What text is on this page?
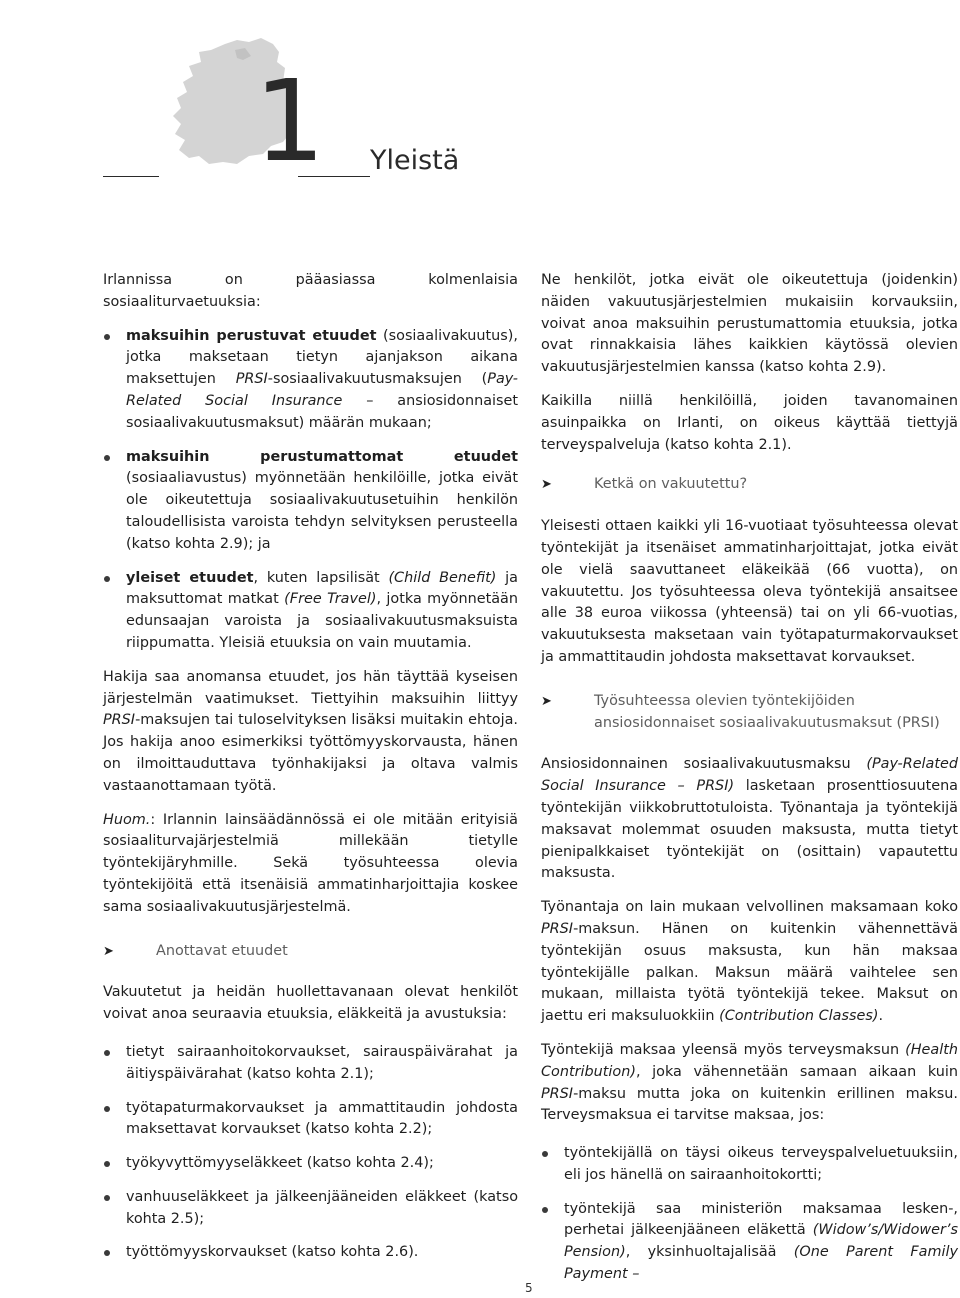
1 Yleistä

Irlannissa on pääasiassa kolmenlaisia sosiaaliturvaetuuksia:

maksuihin perustuvat etuudet (sosiaalivakuutus), jotka maksetaan tietyn ajanjakson aikana maksettujen PRSI-sosiaalivakuutusmaksujen (Pay-Related Social Insurance – ansiosidonnaiset sosiaalivakuutusmaksut) määrän mukaan;
maksuihin perustumattomat etuudet (sosiaaliavustus) myönnetään henkilöille, jotka eivät ole oikeutettuja sosiaalivakuutusetuihin henkilön taloudellisista varoista tehdyn selvityksen perusteella (katso kohta 2.9); ja
yleiset etuudet, kuten lapsilisät (Child Benefit) ja maksuttomat matkat (Free Travel), jotka myönnetään edunsaajan varoista ja sosiaalivakuutusmaksuista riippumatta. Yleisiä etuuksia on vain muutamia.

Hakija saa anomansa etuudet, jos hän täyttää kyseisen järjestelmän vaatimukset. Tiettyihin maksuihin liittyy PRSI-maksujen tai tuloselvityksen lisäksi muitakin ehtoja. Jos hakija anoo esimerkiksi työttömyyskorvausta, hänen on ilmoittauduttava työnhakijaksi ja oltava valmis vastaanottamaan työtä.

Huom.: Irlannin lainsäädännössä ei ole mitään erityisiä sosiaaliturvajärjestelmiä millekään tietylle työntekijäryhmille. Sekä työsuhteessa olevia työntekijöitä että itsenäisiä ammatinharjoittajia koskee sama sosiaalivakuutusjärjestelmä.

➤	Anottavat etuudet

Vakuutetut ja heidän huollettavanaan olevat henkilöt voivat anoa seuraavia etuuksia, eläkkeitä ja avustuksia:

tietyt sairaanhoitokorvaukset, sairauspäivärahat ja äitiyspäivärahat (katso kohta 2.1);
työtapaturmakorvaukset ja ammattitaudin johdosta maksettavat korvaukset (katso kohta 2.2);
työkyvyttömyyseläkkeet (katso kohta 2.4);
vanhuuseläkkeet ja jälkeenjääneiden eläkkeet (katso kohta 2.5);
työttömyyskorvaukset (katso kohta 2.6).

Ne henkilöt, jotka eivät ole oikeutettuja (joidenkin) näiden vakuutusjärjestelmien mukaisiin korvauksiin, voivat anoa maksuihin perustumattomia etuuksia, jotka ovat rinnakkaisia lähes kaikkien käytössä olevien vakuutusjärjestelmien kanssa (katso kohta 2.9).

Kaikilla niillä henkilöillä, joiden tavanomainen asuinpaikka on Irlanti, on oikeus käyttää tiettyjä terveyspalveluja (katso kohta 2.1).

➤	Ketkä on vakuutettu?

Yleisesti ottaen kaikki yli 16-vuotiaat työsuhteessa olevat työntekijät ja itsenäiset ammatinharjoittajat, jotka eivät ole vielä saavuttaneet eläkeikää (66 vuotta), on vakuutettu. Jos työsuhteessa oleva työntekijä ansaitsee alle 38 euroa viikossa (yhteensä) tai on yli 66-vuotias, vakuutuksesta maksetaan vain työtapaturmakorvaukset ja ammattitaudin johdosta maksettavat korvaukset.

➤	Työsuhteessa olevien työntekijöiden
ansiosidonnaiset sosiaalivakuutusmaksut (PRSI)

Ansiosidonnainen sosiaalivakuutusmaksu (Pay-Related Social Insurance – PRSI) lasketaan prosenttiosuutena työntekijän viikkobruttotuloista. Työnantaja ja työntekijä maksavat molemmat osuuden maksusta, mutta tietyt pienipalkkaiset työntekijät on (osittain) vapautettu maksusta.

Työnantaja on lain mukaan velvollinen maksamaan koko PRSI-maksun. Hänen on kuitenkin vähennettävä työntekijän osuus maksusta, kun hän maksaa työntekijälle palkan. Maksun määrä vaihtelee sen mukaan, millaista työtä työntekijä tekee. Maksut on jaettu eri maksuluokkiin (Contribution Classes).

Työntekijä maksaa yleensä myös terveysmaksun (Health Contribution), joka vähennetään samaan aikaan kuin PRSI-maksu mutta joka on kuitenkin erillinen maksu. Terveysmaksua ei tarvitse maksaa, jos:

työntekijällä on täysi oikeus terveyspalveluetuuksiin, eli jos hänellä on sairaanhoitokortti;
työntekijä saa ministeriön maksamaa lesken-, perhetai jälkeenjääneen eläkettä (Widow’s/Widower’s Pension), yksinhuoltajalisää (One Parent Family Payment –
5
